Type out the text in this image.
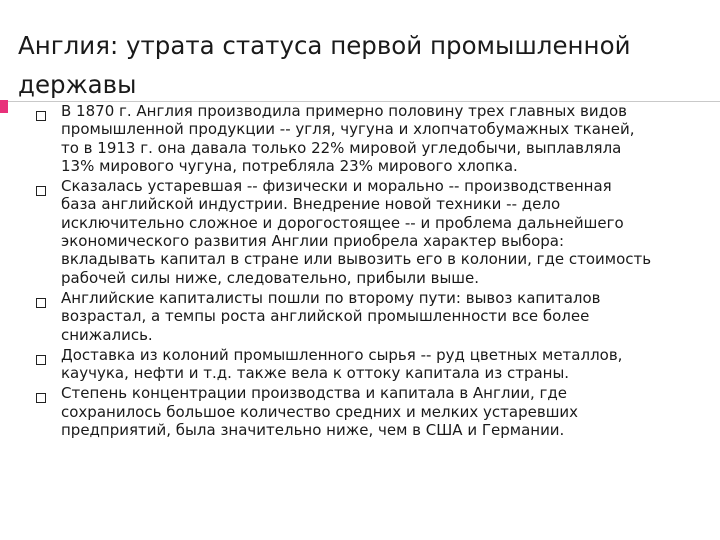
Англия: утрата статуса первой промышленной
державы
В 1870 г. Англия производила примерно половину трех главных видов
промышленной продукции -- угля, чугуна и хлопчатобумажных тканей,
то в 1913 г. она давала только 22% мировой угледобычи, выплавляла
13% мирового чугуна, потребляла 23% мирового хлопка.
Сказалась устаревшая -- физически и морально -- производственная
база английской индустрии. Внедрение новой техники -- дело
исключительно сложное и дорогостоящее -- и проблема дальнейшего
экономического развития Англии приобрела характер выбора:
вкладывать капитал в стране или вывозить его в колонии, где стоимость
рабочей силы ниже, следовательно, прибыли выше.
Английские капиталисты пошли по второму пути: вывоз капиталов
возрастал, а темпы роста английской промышленности все более
снижались.
Доставка из колоний промышленного сырья -- руд цветных металлов,
каучука, нефти и т.д. также вела к оттоку капитала из страны.
Степень концентрации производства и капитала в Англии, где
сохранилось большое количество средних и мелких устаревших
предприятий, была значительно ниже, чем в США и Германии.
